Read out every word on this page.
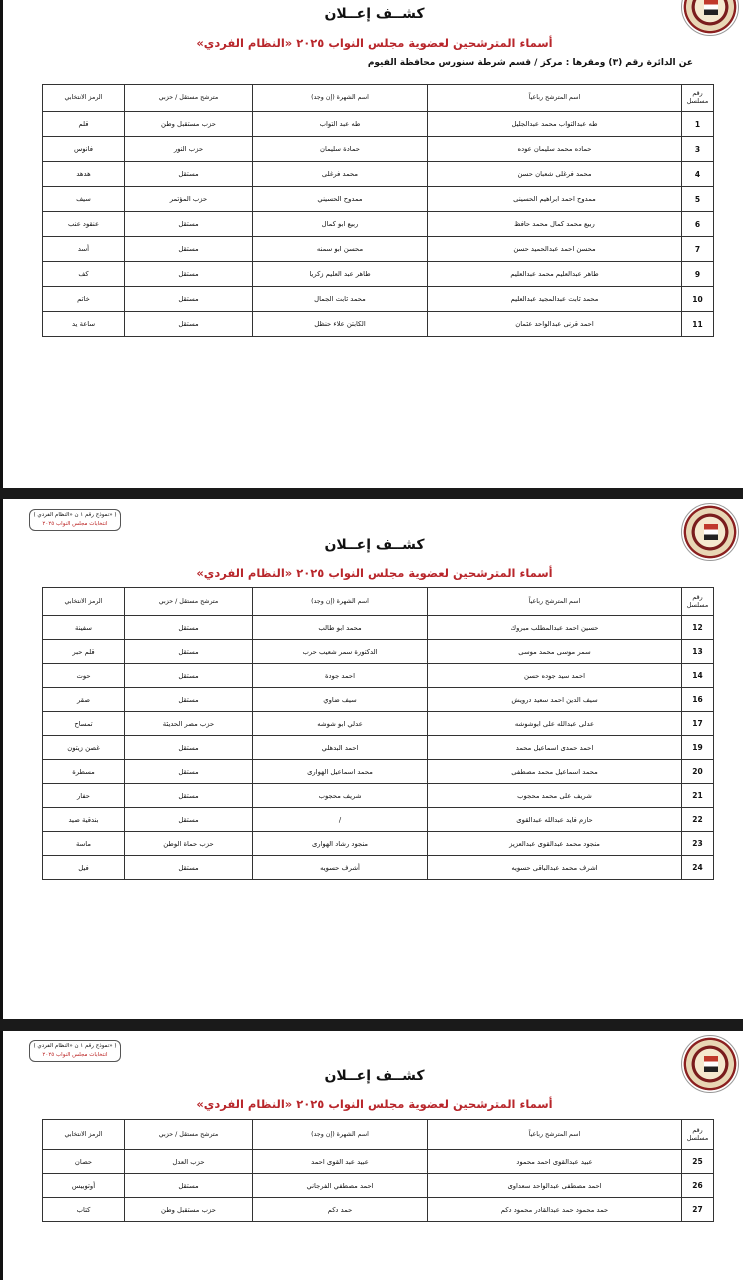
كشــف إعــلان
أسماء المترشحين لعضوية مجلس النواب ٢٠٢٥ «النظام الفردي»
عن الدائرة رقم (٣) ومقرها : مركز / قسم شرطة سنورس محافظة الفيوم
رقم مسلسل	اسم المترشح رباعياً	اسم الشهرة (إن وجد)	مترشح مستقل / حزبي	الرمز الانتخابي
1	طه عبدالتواب محمد عبدالجليل	طه عبد التواب	حزب مستقبل وطن	قلم
3	حماده محمد سليمان عوده	حمادة سليمان	حزب النور	فانوس
4	محمد فرغلى شعبان حسن	محمد فرغلى	مستقل	هدهد
5	ممدوح احمد ابراهيم الحسينى	ممدوح الحسيني	حزب المؤتمر	سيف
6	ربيع محمد كمال محمد حافظ	ربيع ابو كمال	مستقل	عنقود عنب
7	محسن احمد عبدالحميد حسن	محسن ابو سمنه	مستقل	أسد
9	طاهر عبدالعليم محمد عبدالعليم	طاهر عبد العليم زكريا	مستقل	كف
10	محمد ثابت عبدالمجيد عبدالعليم	محمد ثابت الجمال	مستقل	خاتم
11	احمد قرنى عبدالواحد عثمان	الكابتن علاء حنظل	مستقل	ساعة يد
( نموذج رقم ١ ن «النظام الفردي» )
انتخابات مجلس النواب ٢٠٢٥
كشــف إعــلان
أسماء المترشحين لعضوية مجلس النواب ٢٠٢٥ «النظام الفردي»
رقم مسلسل	اسم المترشح رباعياً	اسم الشهرة (إن وجد)	مترشح مستقل / حزبي	الرمز الانتخابي
12	حسين احمد عبدالمطلب مبروك	محمد ابو طالب	مستقل	سفينة
13	سمر موسى محمد موسى	الدكتورة سمر شعيب حرب	مستقل	قلم حبر
14	احمد سيد جوده حسن	احمد جودة	مستقل	حوت
16	سيف الدين احمد سعيد درويش	سيف ضاوي	مستقل	صقر
17	عدلى عبدالله على ابوشوشه	عدلي ابو شوشه	حزب مصر الحديثة	تمساح
19	احمد حمدى اسماعيل محمد	احمد البدهلي	مستقل	غصن زيتون
20	محمد اسماعيل محمد مصطفى	محمد اسماعيل الهوارى	مستقل	مسطرة
21	شريف على محمد محجوب	شريف محجوب	مستقل	حفار
22	حازم فايد عبدالله عبدالقوى	/	مستقل	بندقية صيد
23	منجود محمد عبدالقوى عبدالعزيز	منجود رشاد الهوارى	حزب حماة الوطن	ماسة
24	اشرف محمد عبدالباقى حسويه	أشرف حسويه	مستقل	فيل
( نموذج رقم ١ ن «النظام الفردي» )
انتخابات مجلس النواب ٢٠٢٥
كشــف إعــلان
أسماء المترشحين لعضوية مجلس النواب ٢٠٢٥ «النظام الفردي»
رقم مسلسل	اسم المترشح رباعياً	اسم الشهرة (إن وجد)	مترشح مستقل / حزبي	الرمز الانتخابي
25	عبيد عبدالقوى احمد محمود	عبيد عبد القوى احمد	حزب العدل	حصان
26	احمد مصطفى عبدالواحد سعداوى	احمد مصطفي الفرجاني	مستقل	أوتوبيس
27	حمد محمود حمد عبدالقادر محمود دكم	حمد دكم	حزب مستقبل وطن	كتاب
